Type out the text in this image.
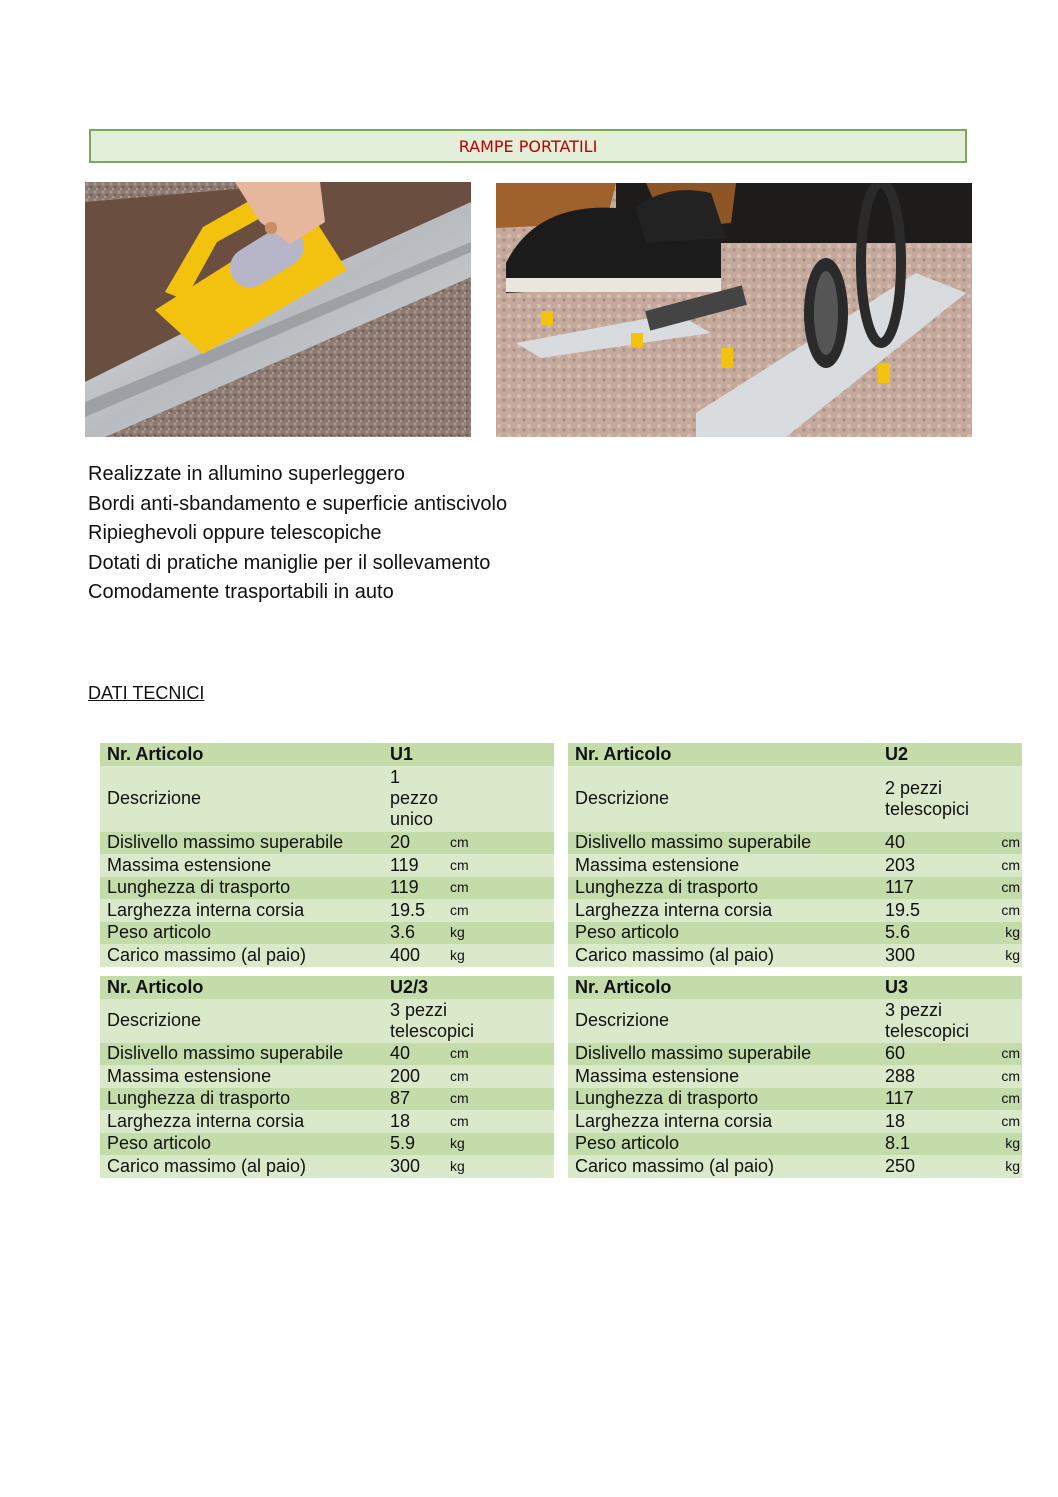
RAMPE PORTATILI
Realizzate in allumino superleggero
Bordi anti-sbandamento e superficie antiscivolo
Ripieghevoli oppure telescopiche
Dotati di pratiche maniglie per il sollevamento
Comodamente trasportabili in auto
DATI TECNICI
Nr. Articolo	U1	
Descrizione	1
pezzo
unico	

Dislivello massimo superabile	20	cm
Massima estensione	119	cm
Lunghezza di trasporto	119	cm
Larghezza interna corsia	19.5	cm
Peso articolo	3.6	kg
Carico massimo (al paio)	400	kg
Nr. Articolo	U2	
Descrizione	2 pezzi
telescopici	

Dislivello massimo superabile	40	cm
Massima estensione	203	cm
Lunghezza di trasporto	117	cm
Larghezza interna corsia	19.5	cm
Peso articolo	5.6	kg
Carico massimo (al paio)	300	kg
Nr. Articolo	U2/3	
Descrizione	3 pezzi
telescopici	

Dislivello massimo superabile	40	cm
Massima estensione	200	cm
Lunghezza di trasporto	87	cm
Larghezza interna corsia	18	cm
Peso articolo	5.9	kg
Carico massimo (al paio)	300	kg
Nr. Articolo	U3	
Descrizione	3 pezzi
telescopici	

Dislivello massimo superabile	60	cm
Massima estensione	288	cm
Lunghezza di trasporto	117	cm
Larghezza interna corsia	18	cm
Peso articolo	8.1	kg
Carico massimo (al paio)	250	kg
